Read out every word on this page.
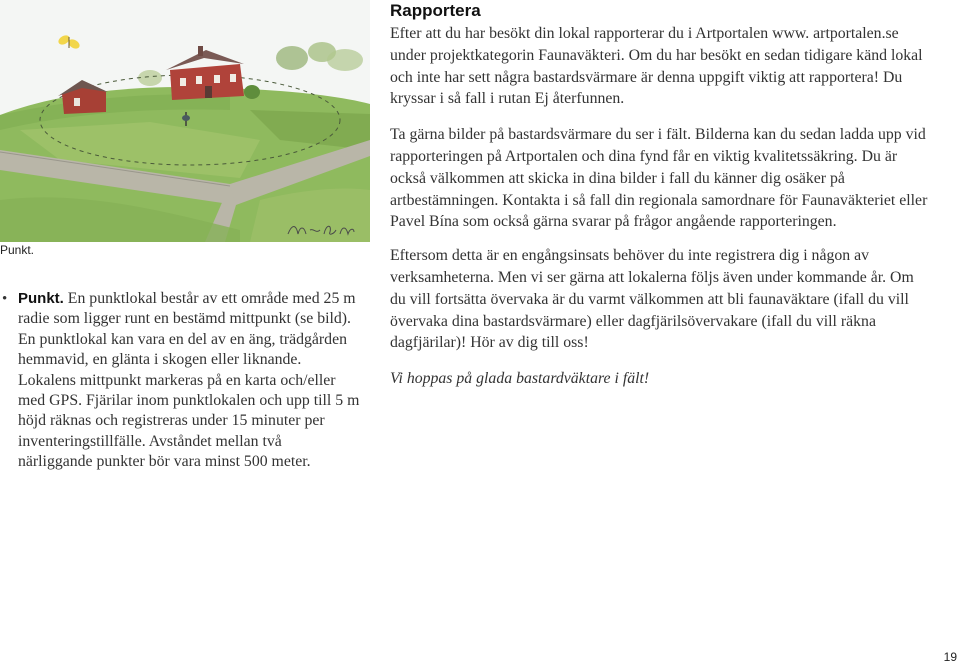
Punkt.
• Punkt. En punktlokal består av ett område med 25 m radie som ligger runt en bestämd mittpunkt (se bild). En punktlokal kan vara en del av en äng, trädgården hemmavid, en glänta i skogen eller liknande. Lokalens mittpunkt markeras på en karta och/eller med GPS. Fjärilar inom punktlokalen och upp till 5 m höjd räknas och registreras under 15 minuter per inventeringstillfälle. Avståndet mellan två närliggande punkter bör vara minst 500 meter.
Rapportera

Efter att du har besökt din lokal rapporterar du i Artportalen www. artportalen.se under projektkategorin Faunaväkteri. Om du har besökt en sedan tidigare känd lokal och inte har sett några bastardsvärmare är denna uppgift viktig att rapportera! Du kryssar i så fall i rutan Ej återfunnen.

Ta gärna bilder på bastardsvärmare du ser i fält. Bilderna kan du sedan ladda upp vid rapporteringen på Artportalen och dina fynd får en viktig kvalitetssäkring. Du är också välkommen att skicka in dina bilder i fall du känner dig osäker på artbestämningen. Kontakta i så fall din regionala samordnare för Faunaväkteriet eller Pavel Bína som också gärna svarar på frågor angående rapporteringen.

Eftersom detta är en engångsinsats behöver du inte registrera dig i någon av verksamheterna. Men vi ser gärna att lokalerna följs även under kommande år. Om du vill fortsätta övervaka är du varmt välkommen att bli faunaväktare (ifall du vill övervaka dina bastardsvärmare) eller dagfjärilsövervakare (ifall du vill räkna dagfjärilar)! Hör av dig till oss!

Vi hoppas på glada bastardväktare i fält!

19
